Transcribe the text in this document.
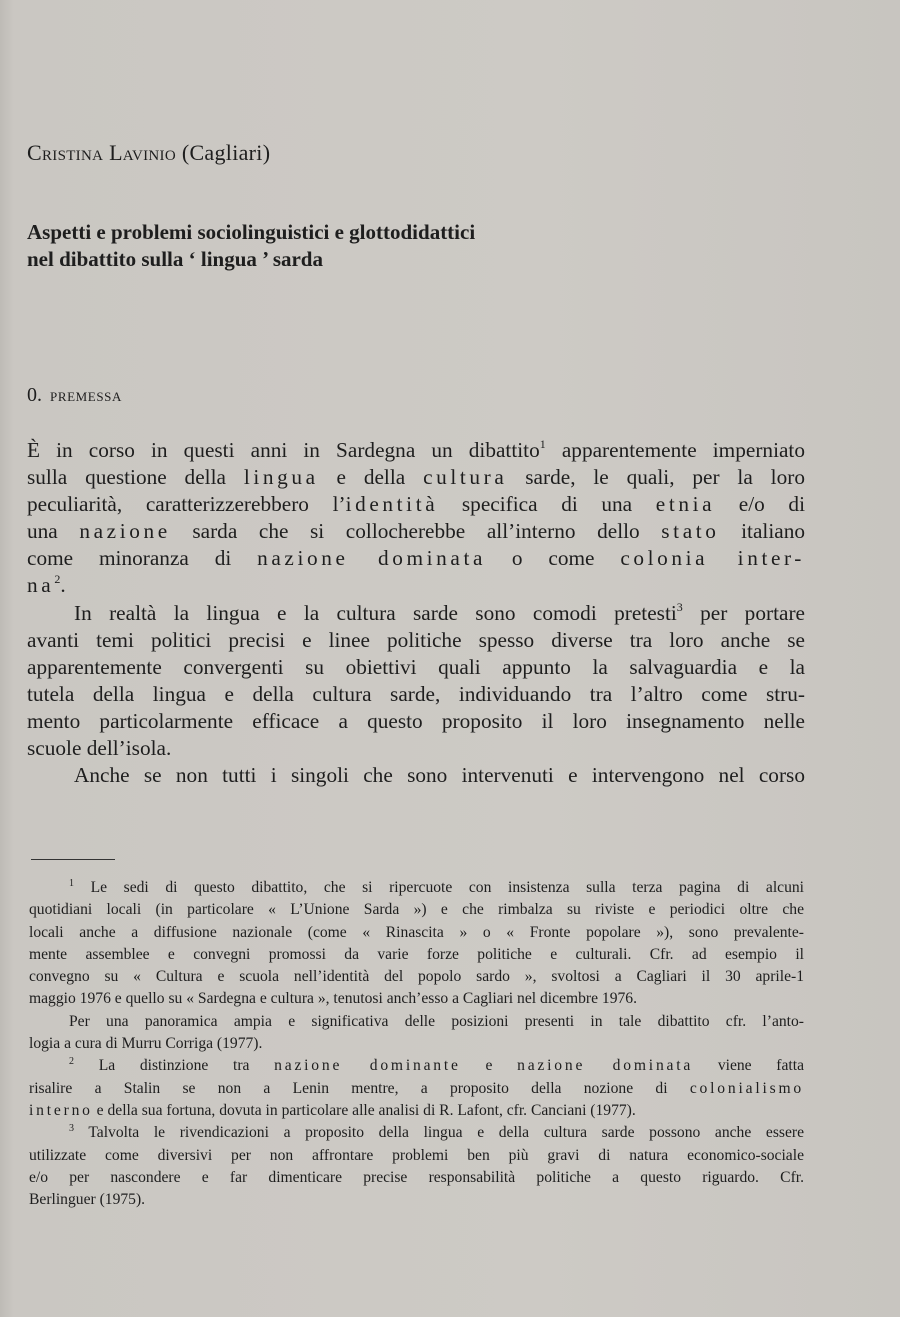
Cristina Lavinio (Cagliari)
Aspetti e problemi sociolinguistici e glottodidattici
nel dibattito sulla ‘ lingua ’ sarda
0. premessa
È in corso in questi anni in Sardegna un dibattito$^1$ apparentemente imperniato
sulla questione della lingua e della cultura sarde, le quali, per la loro
peculiarità, caratterizzerebbero l’identità specifica di una etnia e/o di
una nazione sarda che si collocherebbe all’interno dello stato italiano
come minoranza di nazione dominata o come colonia inter-
$na^2$.
In realtà la lingua e la cultura sarde sono comodi pretesti$^3$ per portare
avanti temi politici precisi e linee politiche spesso diverse tra loro anche se
apparentemente convergenti su obiettivi quali appunto la salvaguardia e la
tutela della lingua e della cultura sarde, individuando tra l’altro come stru-
mento particolarmente efficace a questo proposito il loro insegnamento nelle
scuole dell’isola.
Anche se non tutti i singoli che sono intervenuti e intervengono nel corso
$^1$ Le sedi di questo dibattito, che si ripercuote con insistenza sulla terza pagina di alcuni
quotidiani locali (in particolare « L’Unione Sarda ») e che rimbalza su riviste e periodici oltre che
locali anche a diffusione nazionale (come « Rinascita » o « Fronte popolare »), sono prevalente-
mente assemblee e convegni promossi da varie forze politiche e culturali. Cfr. ad esempio il
convegno su « Cultura e scuola nell’identità del popolo sardo », svoltosi a Cagliari il 30 aprile-1
maggio 1976 e quello su « Sardegna e cultura », tenutosi anch’esso a Cagliari nel dicembre 1976.
Per una panoramica ampia e significativa delle posizioni presenti in tale dibattito cfr. l’anto-
logia a cura di Murru Corriga (1977).
$^2$ La distinzione tra nazione dominante e nazione dominata viene fatta
risalire a Stalin se non a Lenin mentre, a proposito della nozione di colonialismo
interno e della sua fortuna, dovuta in particolare alle analisi di R. Lafont, cfr. Canciani (1977).
$^3$ Talvolta le rivendicazioni a proposito della lingua e della cultura sarde possono anche essere
utilizzate come diversivi per non affrontare problemi ben più gravi di natura economico-sociale
e/o per nascondere e far dimenticare precise responsabilità politiche a questo riguardo. Cfr.
Berlinguer (1975).
